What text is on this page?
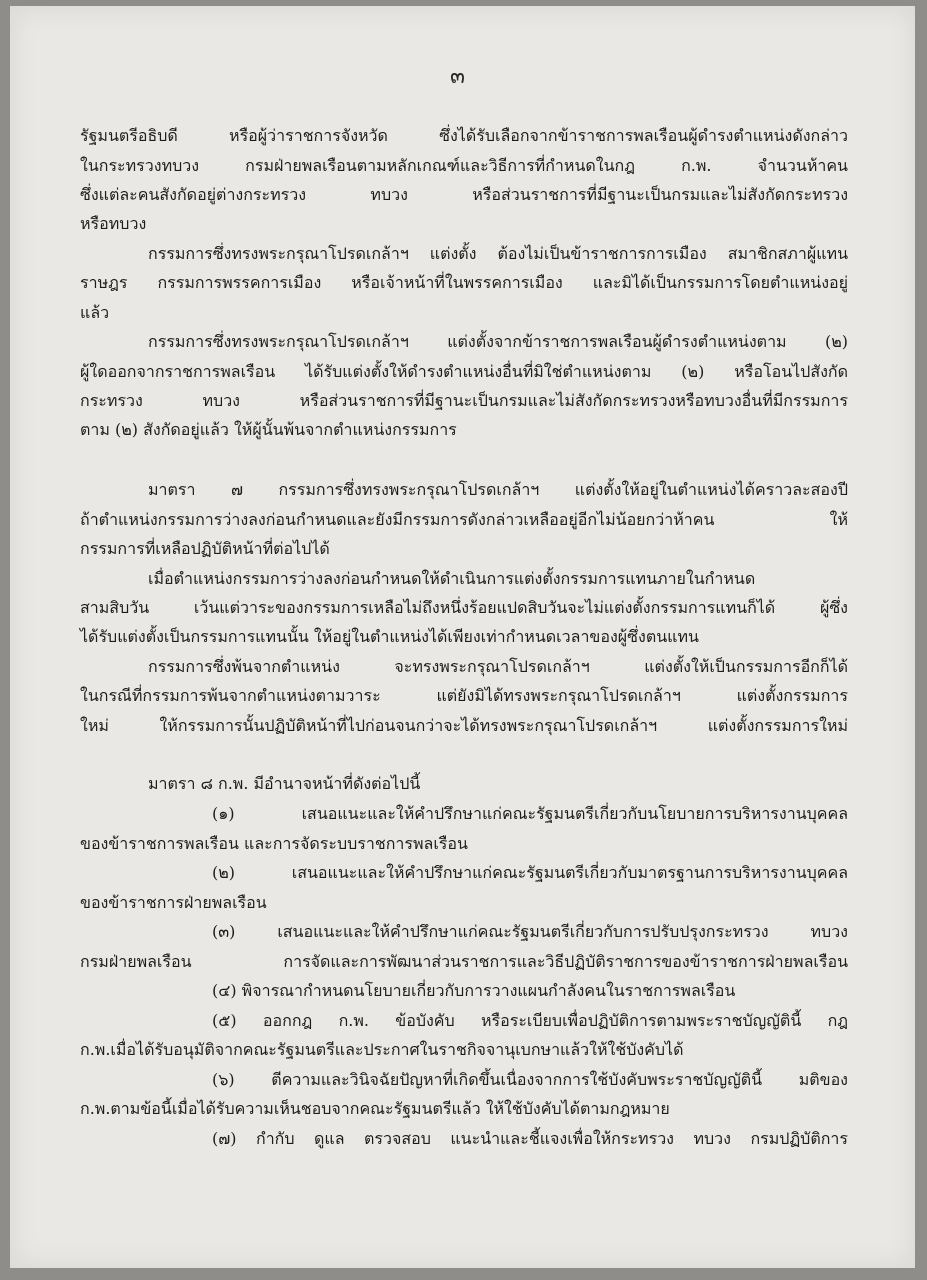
๓

รัฐมนตรีอธิบดี หรือผู้ว่าราชการจังหวัด ซึ่งได้รับเลือกจากข้าราชการพลเรือนผู้ดำรงตำแหน่งดังกล่าว

ในกระทรวงทบวง กรมฝ่ายพลเรือนตามหลักเกณฑ์และวิธีการที่กำหนดในกฎ ก.พ. จำนวนห้าคน

ซึ่งแต่ละคนสังกัดอยู่ต่างกระทรวง ทบวง หรือส่วนราชการที่มีฐานะเป็นกรมและไม่สังกัดกระทรวง

หรือทบวง

กรรมการซึ่งทรงพระกรุณาโปรดเกล้าฯ แต่งตั้ง ต้องไม่เป็นข้าราชการการเมือง สมาชิกสภาผู้แทน

ราษฎร กรรมการพรรคการเมือง หรือเจ้าหน้าที่ในพรรคการเมือง และมิได้เป็นกรรมการโดยตำแหน่งอยู่

แล้ว

กรรมการซึ่งทรงพระกรุณาโปรดเกล้าฯ แต่งตั้งจากข้าราชการพลเรือนผู้ดำรงตำแหน่งตาม (๒)

ผู้ใดออกจากราชการพลเรือน ได้รับแต่งตั้งให้ดำรงตำแหน่งอื่นที่มิใช่ตำแหน่งตาม (๒) หรือโอนไปสังกัด

กระทรวง ทบวง หรือส่วนราชการที่มีฐานะเป็นกรมและไม่สังกัดกระทรวงหรือทบวงอื่นที่มีกรรมการ

ตาม (๒) สังกัดอยู่แล้ว ให้ผู้นั้นพ้นจากตำแหน่งกรรมการ

มาตรา ๗ กรรมการซึ่งทรงพระกรุณาโปรดเกล้าฯ แต่งตั้งให้อยู่ในตำแหน่งได้คราวละสองปี

ถ้าตำแหน่งกรรมการว่างลงก่อนกำหนดและยังมีกรรมการดังกล่าวเหลืออยู่อีกไม่น้อยกว่าห้าคน ให้

กรรมการที่เหลือปฏิบัติหน้าที่ต่อไปได้

เมื่อตำแหน่งกรรมการว่างลงก่อนกำหนดให้ดำเนินการแต่งตั้งกรรมการแทนภายในกำหนด

สามสิบวัน เว้นแต่วาระของกรรมการเหลือไม่ถึงหนึ่งร้อยแปดสิบวันจะไม่แต่งตั้งกรรมการแทนก็ได้ ผู้ซึ่ง

ได้รับแต่งตั้งเป็นกรรมการแทนนั้น ให้อยู่ในตำแหน่งได้เพียงเท่ากำหนดเวลาของผู้ซึ่งตนแทน

กรรมการซึ่งพ้นจากตำแหน่ง จะทรงพระกรุณาโปรดเกล้าฯ แต่งตั้งให้เป็นกรรมการอีกก็ได้

ในกรณีที่กรรมการพ้นจากตำแหน่งตามวาระ แต่ยังมิได้ทรงพระกรุณาโปรดเกล้าฯ แต่งตั้งกรรมการ

ใหม่ ให้กรรมการนั้นปฏิบัติหน้าที่ไปก่อนจนกว่าจะได้ทรงพระกรุณาโปรดเกล้าฯ แต่งตั้งกรรมการใหม่

มาตรา ๘ ก.พ. มีอำนาจหน้าที่ดังต่อไปนี้

(๑) เสนอแนะและให้คำปรึกษาแก่คณะรัฐมนตรีเกี่ยวกับนโยบายการบริหารงานบุคคล

ของข้าราชการพลเรือน และการจัดระบบราชการพลเรือน

(๒) เสนอแนะและให้คำปรึกษาแก่คณะรัฐมนตรีเกี่ยวกับมาตรฐานการบริหารงานบุคคล

ของข้าราชการฝ่ายพลเรือน

(๓) เสนอแนะและให้คำปรึกษาแก่คณะรัฐมนตรีเกี่ยวกับการปรับปรุงกระทรวง ทบวง

กรมฝ่ายพลเรือน การจัดและการพัฒนาส่วนราชการและวิธีปฏิบัติราชการของข้าราชการฝ่ายพลเรือน

(๔) พิจารณากำหนดนโยบายเกี่ยวกับการวางแผนกำลังคนในราชการพลเรือน

(๕) ออกกฎ ก.พ. ข้อบังคับ หรือระเบียบเพื่อปฏิบัติการตามพระราชบัญญัตินี้ กฎ

ก.พ.เมื่อได้รับอนุมัติจากคณะรัฐมนตรีและประกาศในราชกิจจานุเบกษาแล้วให้ใช้บังคับได้

(๖) ตีความและวินิจฉัยปัญหาที่เกิดขึ้นเนื่องจากการใช้บังคับพระราชบัญญัตินี้ มติของ

ก.พ.ตามข้อนี้เมื่อได้รับความเห็นชอบจากคณะรัฐมนตรีแล้ว ให้ใช้บังคับได้ตามกฎหมาย

(๗) กำกับ ดูแล ตรวจสอบ แนะนำและชี้แจงเพื่อให้กระทรวง ทบวง กรมปฏิบัติการ
